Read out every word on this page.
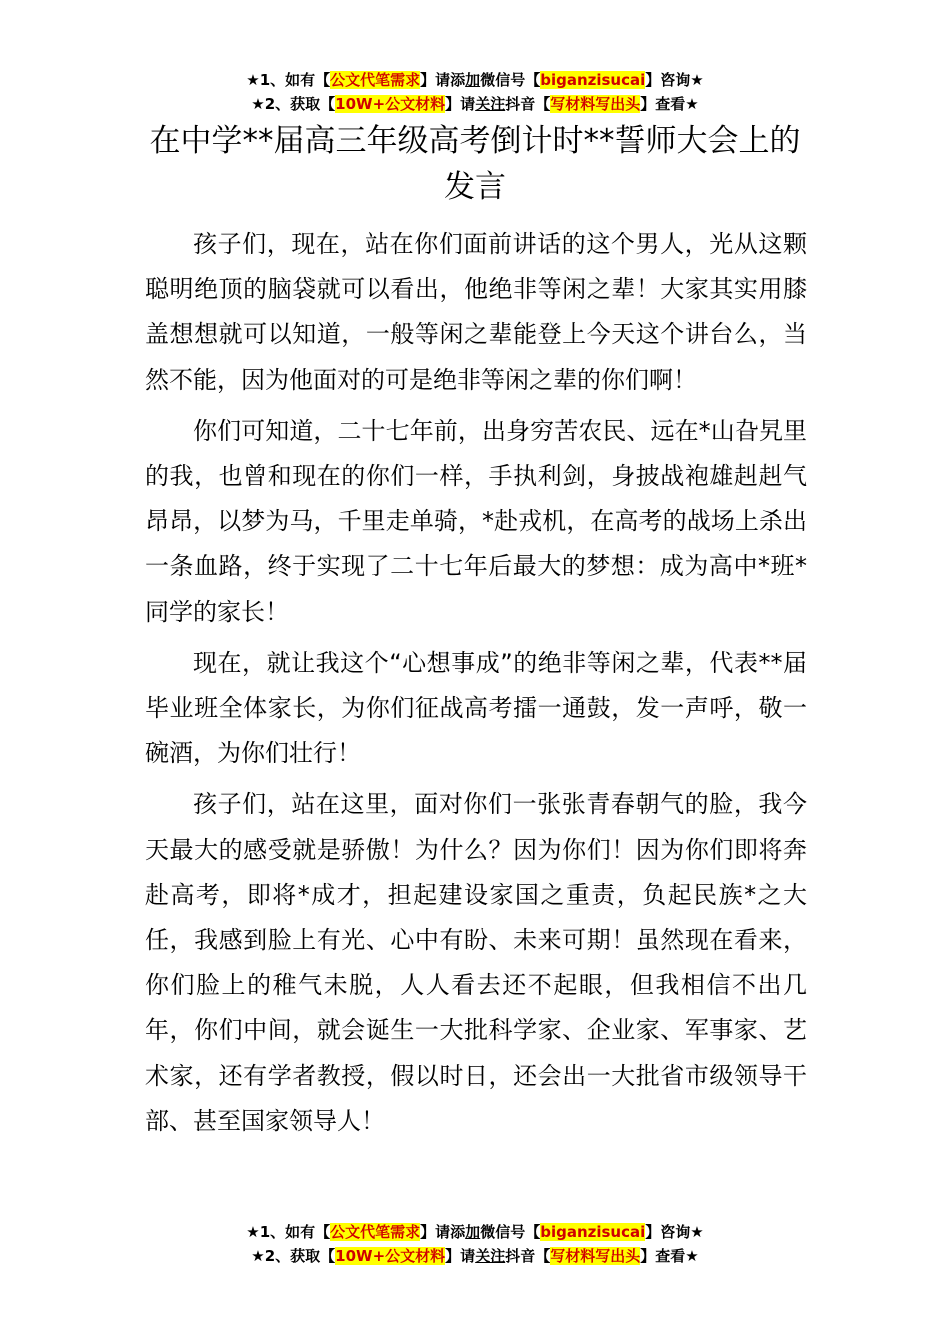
★1、如有【公文代笔需求】请添加微信号【biganzisucai】咨询★
★2、获取【10W+公文材料】请关注抖音【写材料写出头】查看★
在中学**届高三年级高考倒计时**誓师大会上的发言

孩子们，现在，站在你们面前讲话的这个男人，光从这颗聪明绝顶的脑袋就可以看出，他绝非等闲之辈！大家其实用膝盖想想就可以知道，一般等闲之辈能登上今天这个讲台么，当然不能，因为他面对的可是绝非等闲之辈的你们啊！

你们可知道，二十七年前，出身穷苦农民、远在*山旮旯里的我，也曾和现在的你们一样，手执利剑，身披战袍雄赳赳气昂昂，以梦为马，千里走单骑，*赴戎机，在高考的战场上杀出一条血路，终于实现了二十七年后最大的梦想：成为高中*班*同学的家长！

现在，就让我这个“心想事成”的绝非等闲之辈，代表**届毕业班全体家长，为你们征战高考擂一通鼓，发一声呼，敬一碗酒，为你们壮行！

孩子们，站在这里，面对你们一张张青春朝气的脸，我今天最大的感受就是骄傲！为什么？因为你们！因为你们即将奔赴高考，即将*成才，担起建设家国之重责，负起民族*之大任，我感到脸上有光、心中有盼、未来可期！虽然现在看来，你们脸上的稚气未脱，人人看去还不起眼，但我相信不出几年，你们中间，就会诞生一大批科学家、企业家、军事家、艺术家，还有学者教授，假以时日，还会出一大批省市级领导干部、甚至国家领导人！

★1、如有【公文代笔需求】请添加微信号【biganzisucai】咨询★
★2、获取【10W+公文材料】请关注抖音【写材料写出头】查看★
